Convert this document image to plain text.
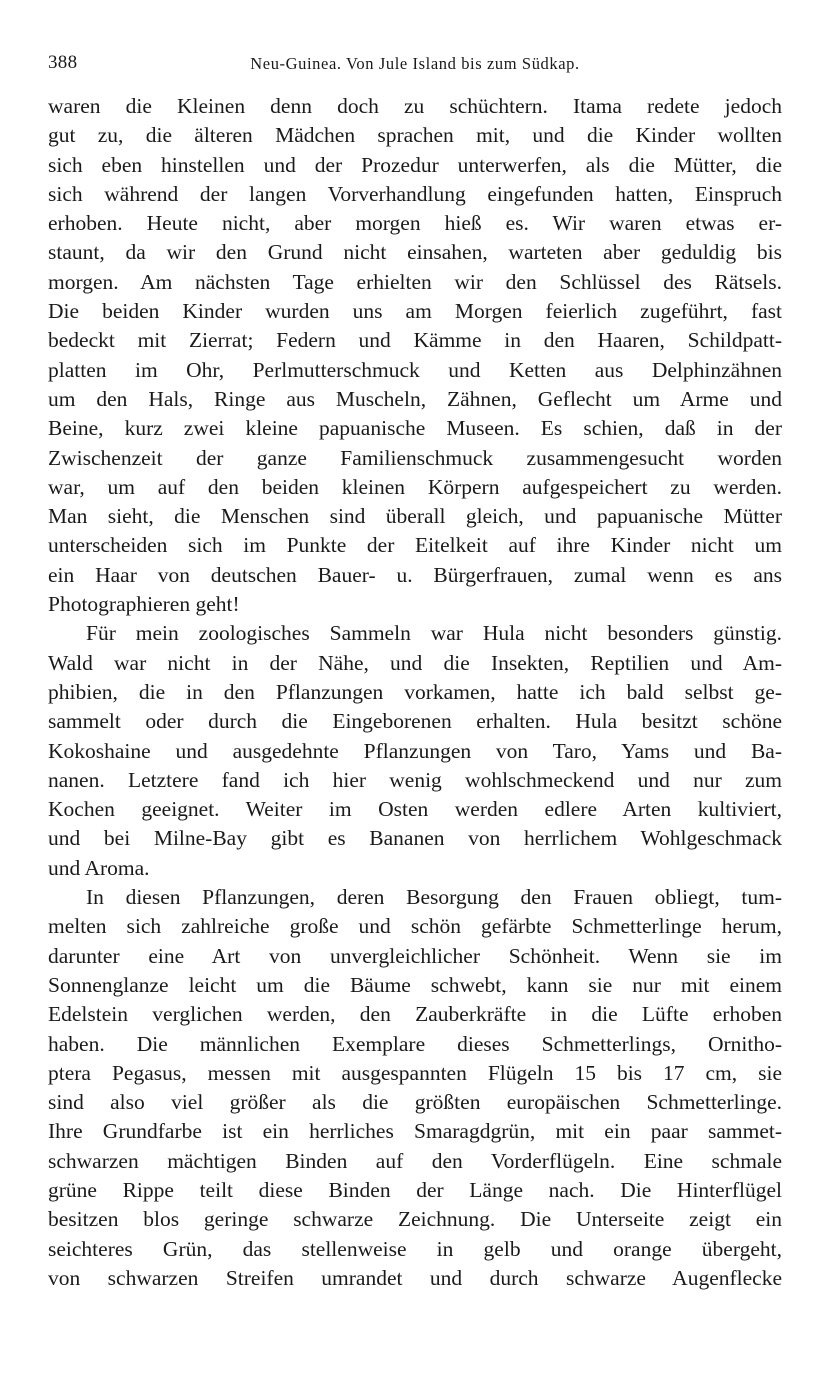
388	Neu-Guinea. Von Jule Island bis zum Südkap.
waren die Kleinen denn doch zu schüchtern. Itama redete jedoch
gut zu, die älteren Mädchen sprachen mit, und die Kinder wollten
sich eben hinstellen und der Prozedur unterwerfen, als die Mütter, die
sich während der langen Vorverhandlung eingefunden hatten, Einspruch
erhoben. Heute nicht, aber morgen hieß es. Wir waren etwas er-
staunt, da wir den Grund nicht einsahen, warteten aber geduldig bis
morgen. Am nächsten Tage erhielten wir den Schlüssel des Rätsels.
Die beiden Kinder wurden uns am Morgen feierlich zugeführt, fast
bedeckt mit Zierrat; Federn und Kämme in den Haaren, Schildpatt-
platten im Ohr, Perlmutterschmuck und Ketten aus Delphinzähnen
um den Hals, Ringe aus Muscheln, Zähnen, Geflecht um Arme und
Beine, kurz zwei kleine papuanische Museen. Es schien, daß in der
Zwischenzeit der ganze Familienschmuck zusammengesucht worden
war, um auf den beiden kleinen Körpern aufgespeichert zu werden.
Man sieht, die Menschen sind überall gleich, und papuanische Mütter
unterscheiden sich im Punkte der Eitelkeit auf ihre Kinder nicht um
ein Haar von deutschen Bauer- u. Bürgerfrauen, zumal wenn es ans
Photographieren geht!
Für mein zoologisches Sammeln war Hula nicht besonders günstig.
Wald war nicht in der Nähe, und die Insekten, Reptilien und Am-
phibien, die in den Pflanzungen vorkamen, hatte ich bald selbst ge-
sammelt oder durch die Eingeborenen erhalten. Hula besitzt schöne
Kokoshaine und ausgedehnte Pflanzungen von Taro, Yams und Ba-
nanen. Letztere fand ich hier wenig wohlschmeckend und nur zum
Kochen geeignet. Weiter im Osten werden edlere Arten kultiviert,
und bei Milne-Bay gibt es Bananen von herrlichem Wohlgeschmack
und Aroma.
In diesen Pflanzungen, deren Besorgung den Frauen obliegt, tum-
melten sich zahlreiche große und schön gefärbte Schmetterlinge herum,
darunter eine Art von unvergleichlicher Schönheit. Wenn sie im
Sonnenglanze leicht um die Bäume schwebt, kann sie nur mit einem
Edelstein verglichen werden, den Zauberkräfte in die Lüfte erhoben
haben. Die männlichen Exemplare dieses Schmetterlings, Ornitho-
ptera Pegasus, messen mit ausgespannten Flügeln 15 bis 17 cm, sie
sind also viel größer als die größten europäischen Schmetterlinge.
Ihre Grundfarbe ist ein herrliches Smaragdgrün, mit ein paar sammet-
schwarzen mächtigen Binden auf den Vorderflügeln. Eine schmale
grüne Rippe teilt diese Binden der Länge nach. Die Hinterflügel
besitzen blos geringe schwarze Zeichnung. Die Unterseite zeigt ein
seichteres Grün, das stellenweise in gelb und orange übergeht,
von schwarzen Streifen umrandet und durch schwarze Augenflecke
